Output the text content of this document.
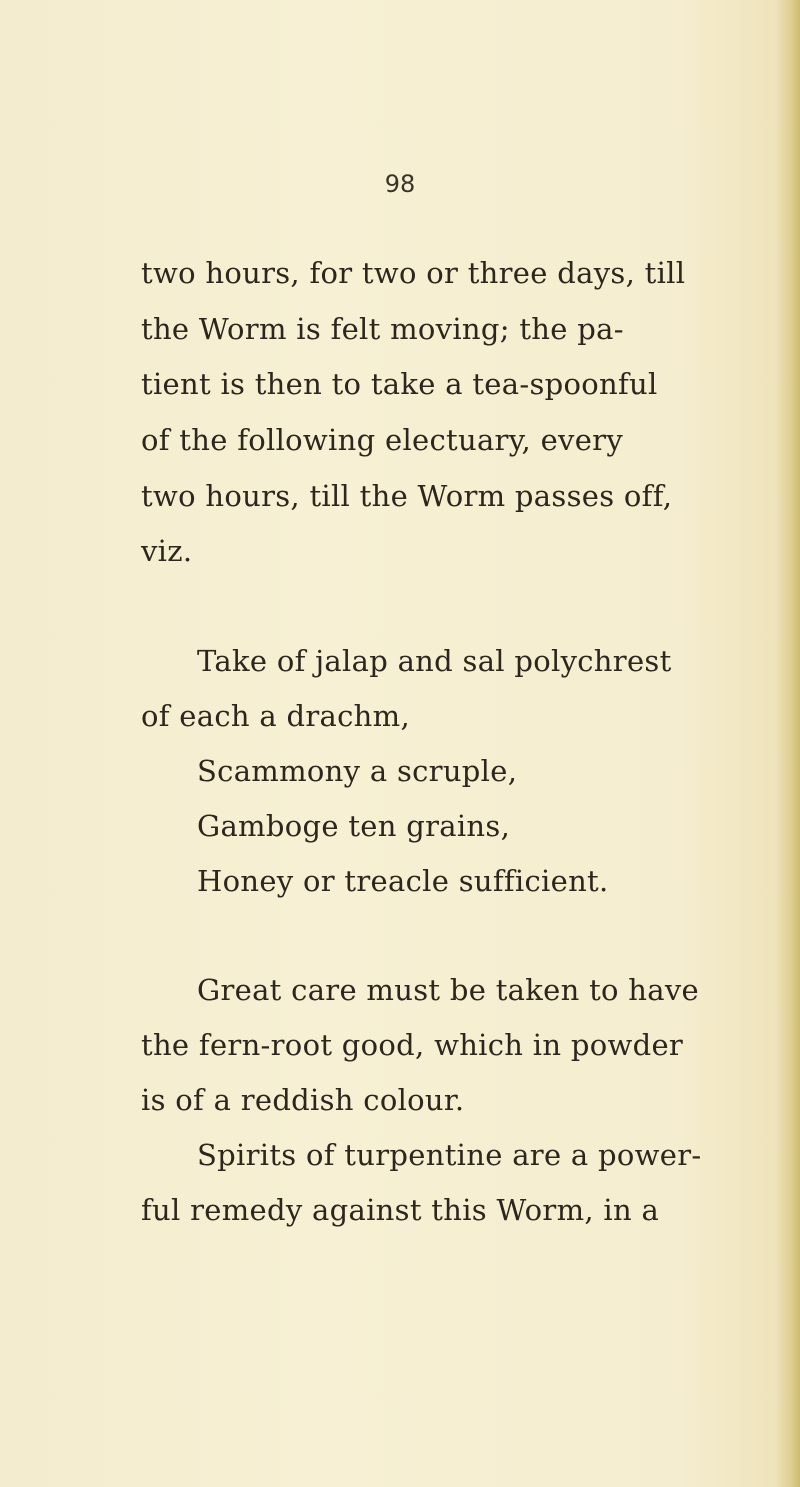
98
two hours, for two or three days, till
the Worm is felt moving; the pa-
tient is then to take a tea-spoonful
of the following electuary, every
two hours, till the Worm passes off,
viz.
Take of jalap and sal polychrest
of each a drachm,
Scammony a scruple,
Gamboge ten grains,
Honey or treacle sufficient.
Great care must be taken to have
the fern-root good, which in powder
is of a reddish colour.
Spirits of turpentine are a power-
ful remedy against this Worm, in a
